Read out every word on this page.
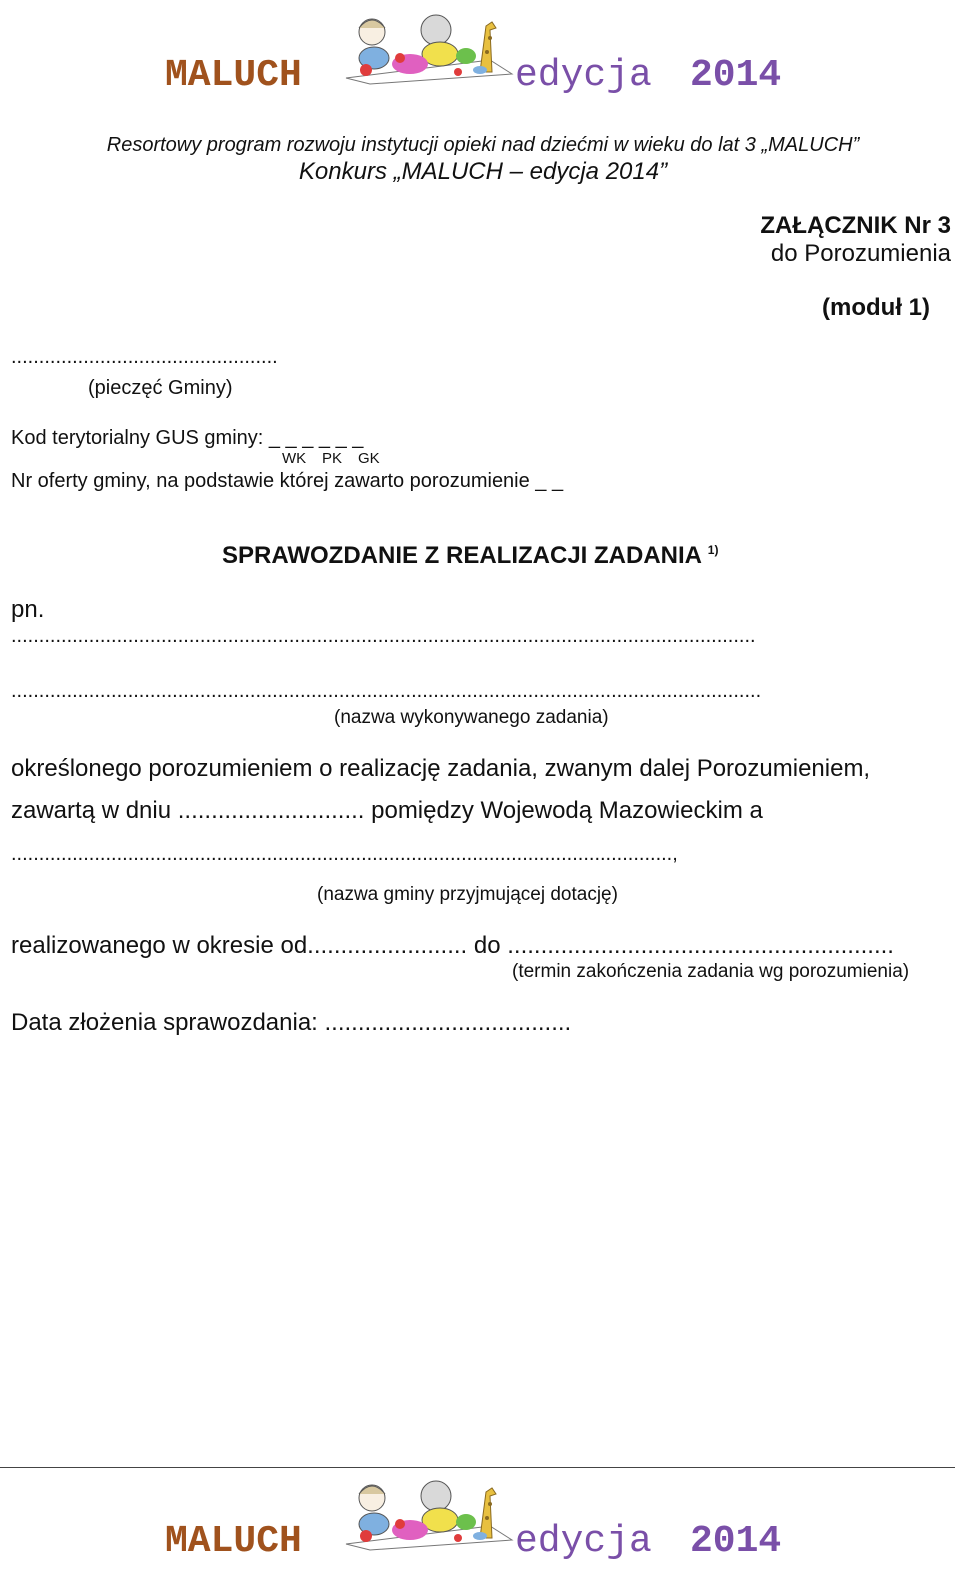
MALUCH	edycja 2014
Resortowy program rozwoju instytucji opieki nad dziećmi w wieku do lat 3 „MALUCH”
Konkurs „MALUCH – edycja 2014”
ZAŁĄCZNIK Nr 3
do Porozumienia
(moduł 1)
................................................
(pieczęć Gminy)
Kod terytorialny GUS gminy: _ _ _ _ _ _
WK PK GK
Nr oferty gminy, na podstawie której zawarto porozumienie _ _
SPRAWOZDANIE Z REALIZACJI ZADANIA $^{1)}$
pn.
......................................................................................................................................
.......................................................................................................................................
(nazwa wykonywanego zadania)
określonego porozumieniem o realizację zadania, zwanym dalej Porozumieniem,
zawartą w dniu ............................ pomiędzy Wojewodą Mazowieckim a
.......................................................................................................................,
(nazwa gminy przyjmującej dotację)
realizowanego w okresie od........................ do ..........................................................
(termin zakończenia zadania wg porozumienia)
Data złożenia sprawozdania: .....................................
MALUCH	edycja 2014
